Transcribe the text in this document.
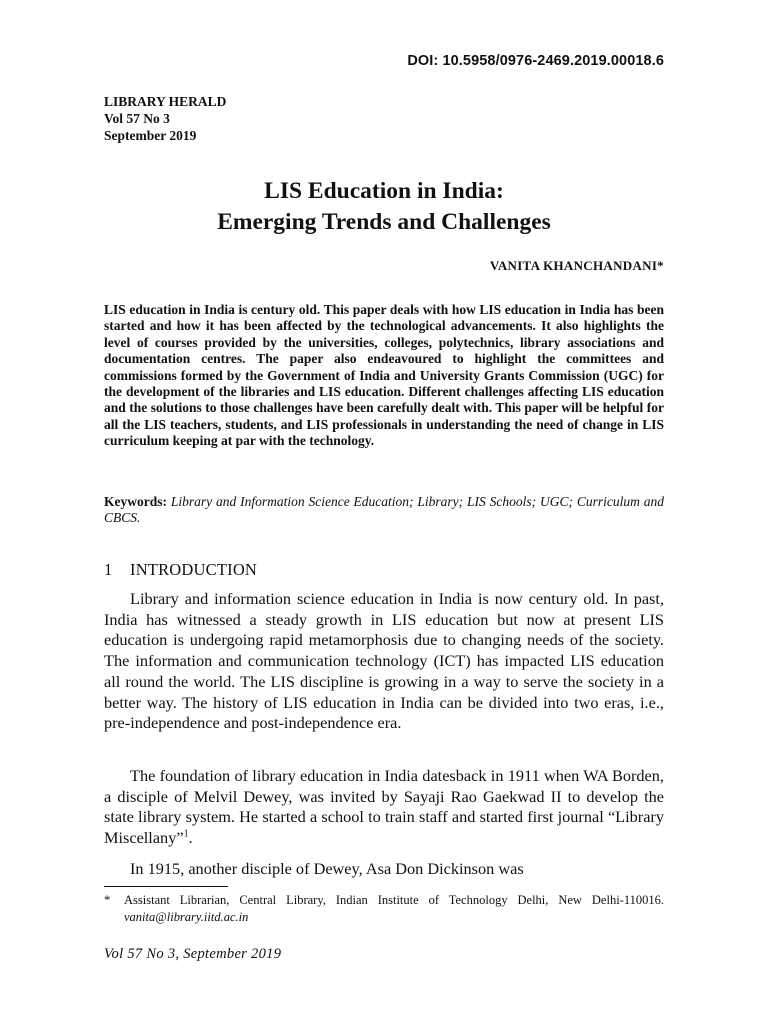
DOI: 10.5958/0976-2469.2019.00018.6
LIBRARY HERALD
Vol 57 No 3
September 2019
LIS Education in India:
Emerging Trends and Challenges
VANITA KHANCHANDANI*

LIS education in India is century old. This paper deals with how LIS education in India has been started and how it has been affected by the technological advancements. It also highlights the level of courses provided by the universities, colleges, polytechnics, library associations and documentation centres. The paper also endeavoured to highlight the committees and commissions formed by the Government of India and University Grants Commission (UGC) for the development of the libraries and LIS education. Different challenges affecting LIS education and the solutions to those challenges have been carefully dealt with. This paper will be helpful for all the LIS teachers, students, and LIS professionals in understanding the need of change in LIS curriculum keeping at par with the technology.

Keywords: Library and Information Science Education; Library; LIS Schools; UGC; Curriculum and CBCS.

1 INTRODUCTION

Library and information science education in India is now century old. In past, India has witnessed a steady growth in LIS education but now at present LIS education is undergoing rapid metamorphosis due to changing needs of the society. The information and communication technology (ICT) has impacted LIS education all round the world. The LIS discipline is growing in a way to serve the society in a better way. The history of LIS education in India can be divided into two eras, i.e., pre-independence and post-independence era.

The foundation of library education in India datesback in 1911 when WA Borden, a disciple of Melvil Dewey, was invited by Sayaji Rao Gaekwad II to develop the state library system. He started a school to train staff and started first journal “Library Miscellany”$^1$.

In 1915, another disciple of Dewey, Asa Don Dickinson was

* Assistant Librarian, Central Library, Indian Institute of Technology Delhi, New Delhi-110016. vanita@library.iitd.ac.in
Vol 57 No 3, September 2019
